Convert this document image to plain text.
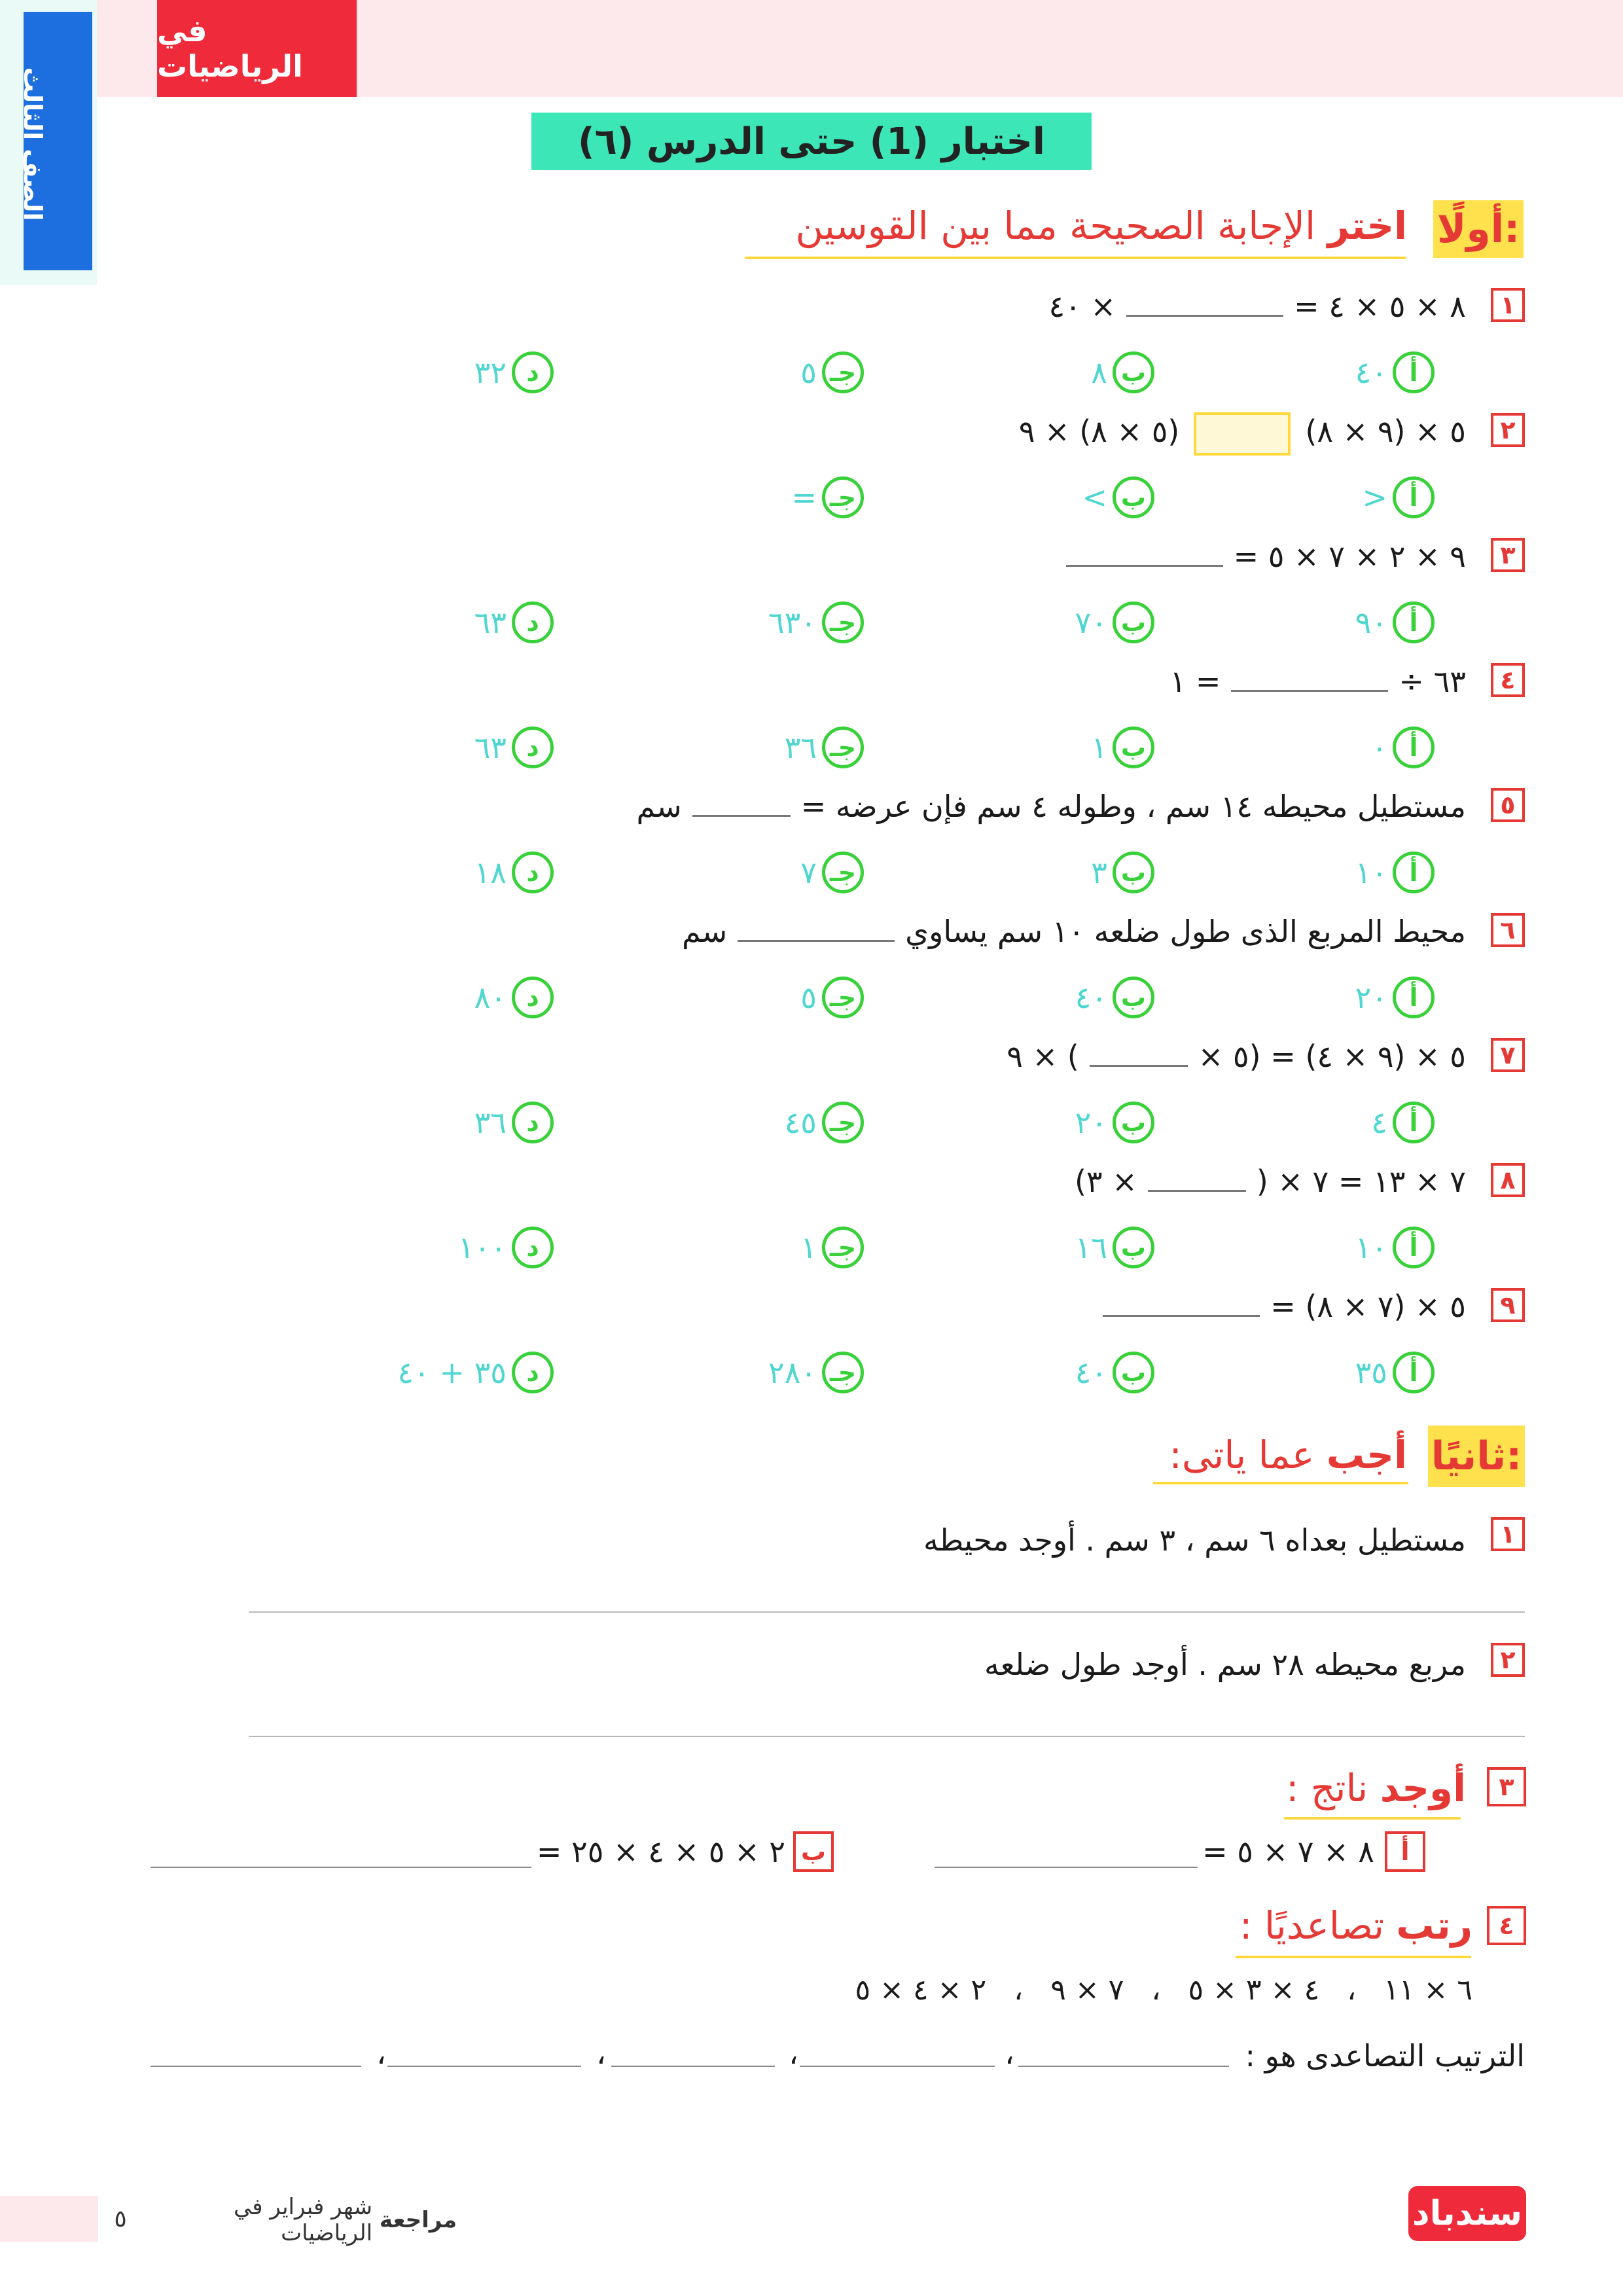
الصف الثالث
في الرياضيات
اختبار (1) حتى الدرس (٦)
أولًا:
اختر الإجابة الصحيحة مما بين القوسين
١
٨ × ٥ × ٤ =× ٤٠
أ
٤٠
ب
٨
جـ
٥
د
٣٢
٢
٥ × (٩ × ٨)(٥ × ٨) × ٩
أ
<
ب
>
جـ
=
٣
٩ × ٢ × ٧ × ٥ =
أ
٩٠
ب
٧٠
جـ
٦٣٠
د
٦٣
٤
٦٣ ÷= ١
أ
٠
ب
١
جـ
٣٦
د
٦٣
٥
مستطيل محيطه ١٤ سم ، وطوله ٤ سم فإن عرضه =سم
أ
١٠
ب
٣
جـ
٧
د
١٨
٦
محيط المربع الذى طول ضلعه ١٠ سم يساويسم
أ
٢٠
ب
٤٠
جـ
٥
د
٨٠
٧
٥ × (٩ × ٤) = (٥ ×) × ٩
أ
٤
ب
٢٠
جـ
٤٥
د
٣٦
٨
٧ × ١٣ = ٧ × (× ٣)
أ
١٠
ب
١٦
جـ
١
د
١٠٠
٩
٥ × (٧ × ٨) =
أ
٣٥
ب
٤٠
جـ
٢٨٠
د
٣٥ + ٤٠
ثانيًا:
أجب عما ياتى:
١
مستطيل بعداه ٦ سم ، ٣ سم . أوجد محيطه
٢
مربع محيطه ٢٨ سم . أوجد طول ضلعه
٣
أوجد ناتج :
أ
٨ × ٧ × ٥ =
ب
٢ × ٥ × ٤ × ٢٥ =
٤
رتب تصاعديًا :
٦ × ١١   ،   ٤ × ٣ × ٥   ،   ٧ × ٩   ،   ٢ × ٤ × ٥
الترتيب التصاعدى هو :
،
،
،
،
٥	مراجعة

شهر فبراير في الرياضيات	سندباد
